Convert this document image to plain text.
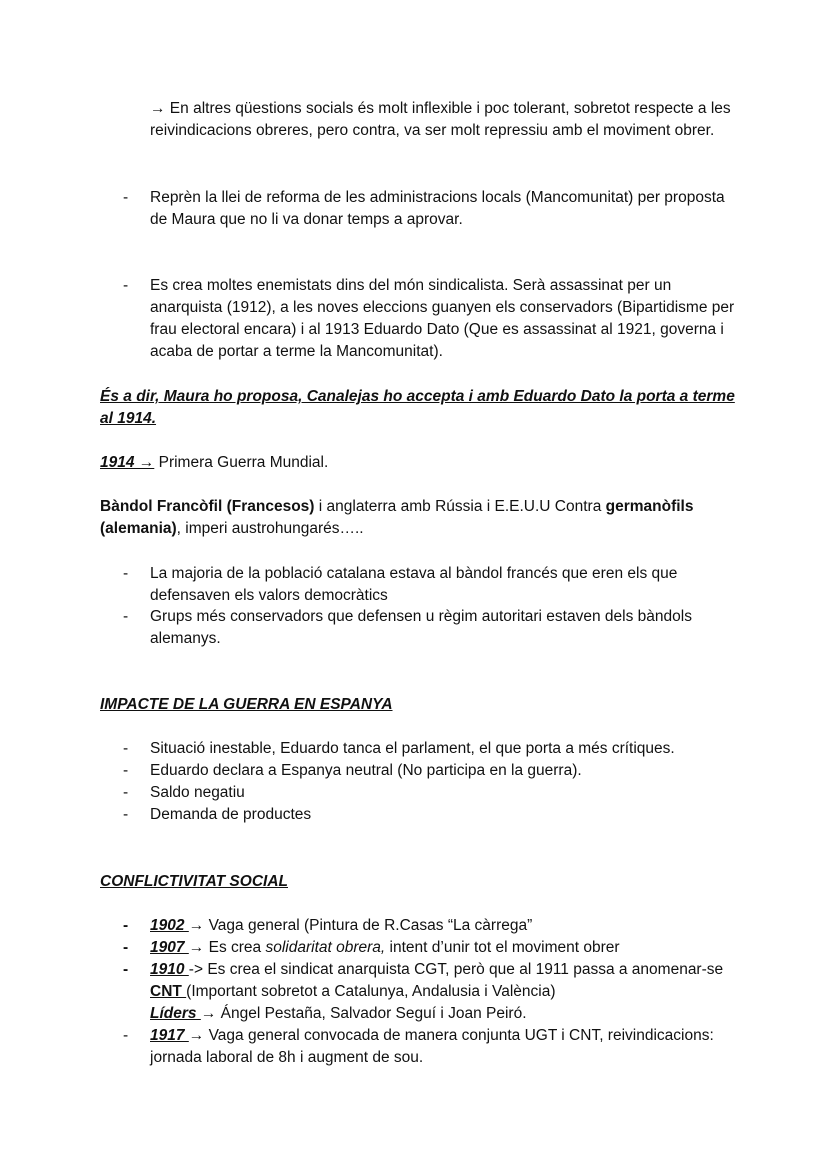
→ En altres qüestions socials és molt inflexible i poc tolerant, sobretot respecte a les reivindicacions obreres, pero contra, va ser molt repressiu amb el moviment obrer.

- Reprèn la llei de reforma de les administracions locals (Mancomunitat) per proposta de Maura que no li va donar temps a aprovar.

- Es crea moltes enemistats dins del món sindicalista. Serà assassinat per un anarquista (1912), a les noves eleccions guanyen els conservadors (Bipartidisme per frau electoral encara) i al 1913 Eduardo Dato (Que es assassinat al 1921, governa i acaba de portar a terme la Mancomunitat).

És a dir, Maura ho proposa, Canalejas ho accepta i amb Eduardo Dato la porta a terme al 1914.

1914 → Primera Guerra Mundial.

Bàndol Francòfil (Francesos) i anglaterra amb Rússia i E.E.U.U Contra germanòfils (alemania), imperi austrohungarés…..

- La majoria de la població catalana estava al bàndol francés que eren els que defensaven els valors democràtics

- Grups més conservadors que defensen u règim autoritari estaven dels bàndols alemanys.

IMPACTE DE LA GUERRA EN ESPANYA

- Situació inestable, Eduardo tanca el parlament, el que porta a més crítiques.

- Eduardo declara a Espanya neutral (No participa en la guerra).

- Saldo negatiu

- Demanda de productes

CONFLICTIVITAT SOCIAL

- 1902 → Vaga general (Pintura de R.Casas “La càrrega”

- 1907 → Es crea solidaritat obrera, intent d’unir tot el moviment obrer

- 1910 -> Es crea el sindicat anarquista CGT, però que al 1911 passa a anomenar-se CNT (Important sobretot a Catalunya, Andalusia i València)
Líders → Ángel Pestaña, Salvador Seguí i Joan Peiró.

- 1917 → Vaga general convocada de manera conjunta UGT i CNT, reivindicacions: jornada laboral de 8h i augment de sou.
